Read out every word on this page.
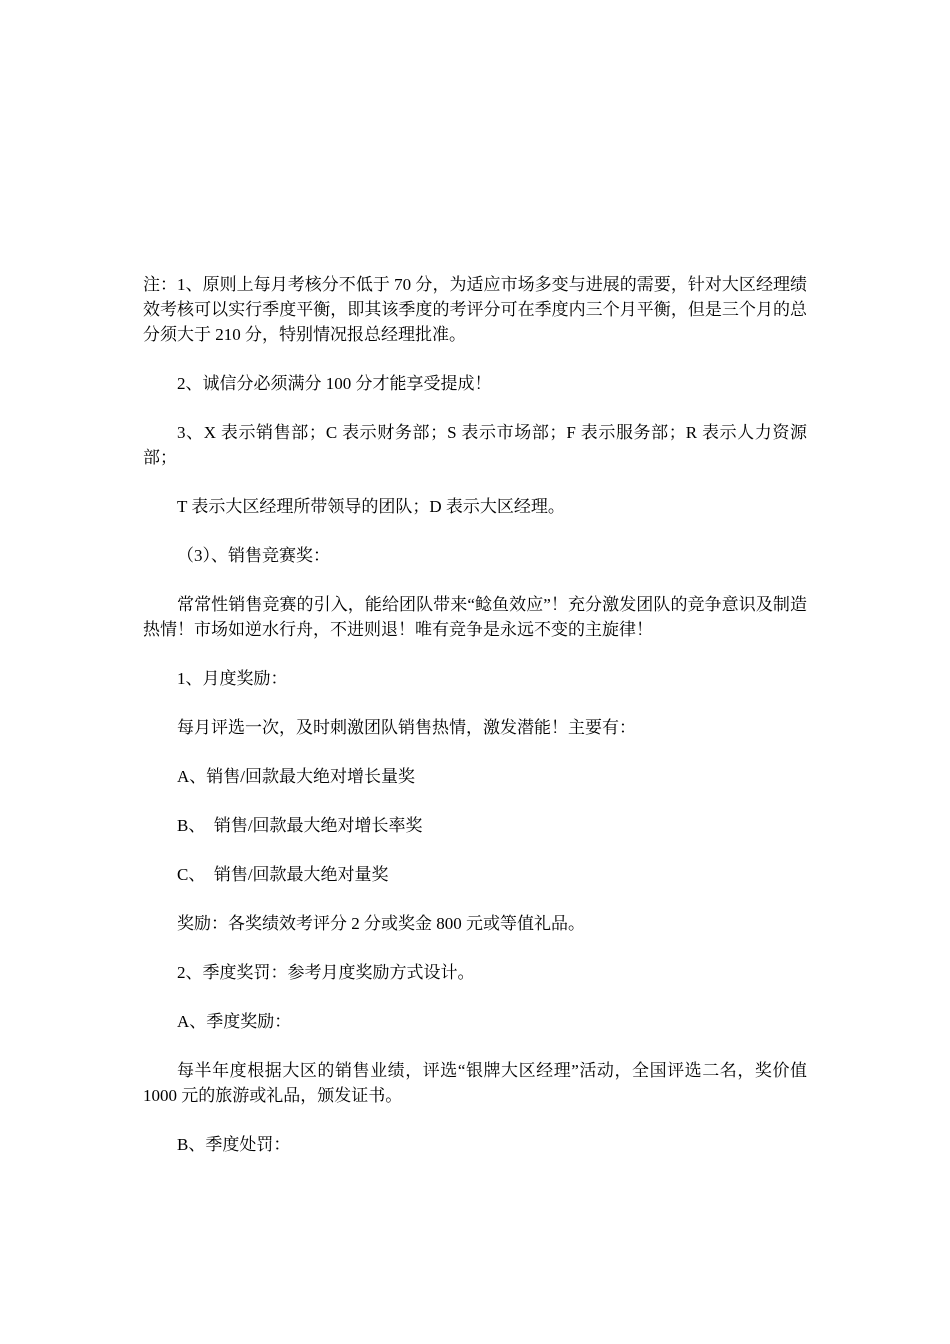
注：1、原则上每月考核分不低于 70 分，为适应市场多变与进展的需要，针对大区经理绩效考核可以实行季度平衡，即其该季度的考评分可在季度内三个月平衡，但是三个月的总分须大于 210 分，特别情况报总经理批准。

2、诚信分必须满分 100 分才能享受提成！

3、X 表示销售部；C 表示财务部；S 表示市场部；F 表示服务部；R 表示人力资源部；

T 表示大区经理所带领导的团队；D 表示大区经理。

（3）、销售竞赛奖：

常常性销售竞赛的引入，能给团队带来“鲶鱼效应”！充分激发团队的竞争意识及制造热情！市场如逆水行舟，不进则退！唯有竞争是永远不变的主旋律！

1、月度奖励：

每月评选一次，及时刺激团队销售热情，激发潜能！主要有：

A、销售/回款最大绝对增长量奖

B、  销售/回款最大绝对增长率奖

C、  销售/回款最大绝对量奖

奖励：各奖绩效考评分 2 分或奖金 800 元或等值礼品。

2、季度奖罚：参考月度奖励方式设计。

A、季度奖励：

每半年度根据大区的销售业绩，评选“银牌大区经理”活动，全国评选二名，奖价值 1000 元的旅游或礼品，颁发证书。

B、季度处罚：
